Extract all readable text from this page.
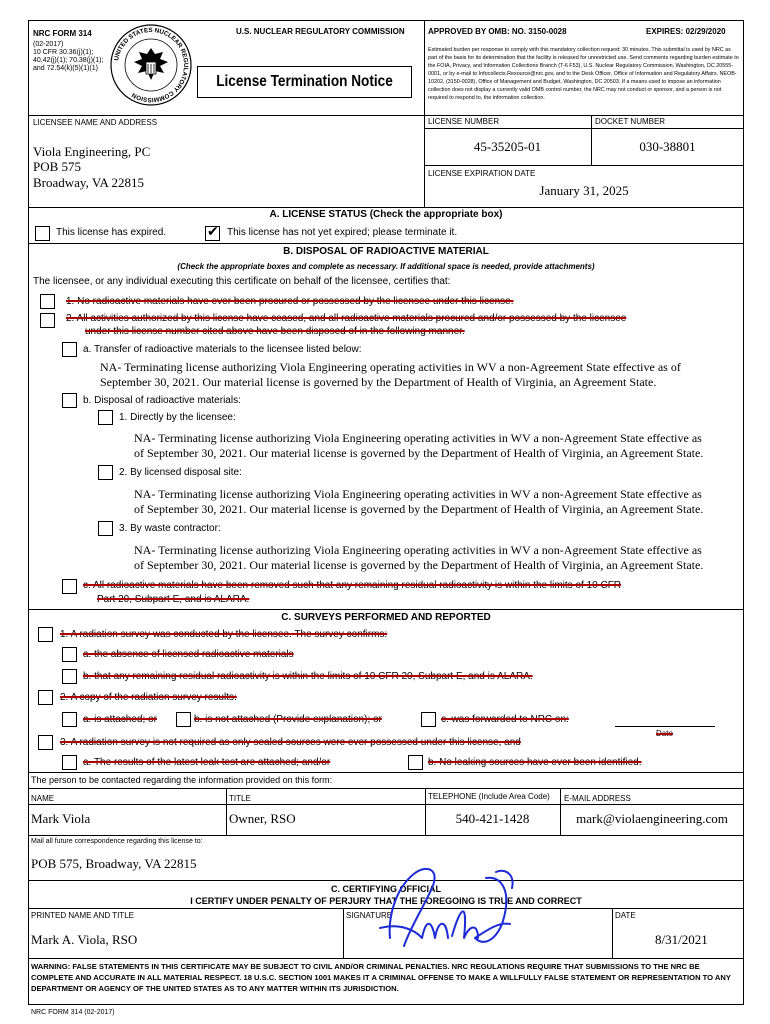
NRC FORM 314
(02-2017)
10 CFR 30.36(j)(1);
40.42(j)(1); 70.38(j)(1);
and 72.54(k)(5)(1)(1)
UNITED STATES NUCLEAR REGULATORY COMMISSION
U.S. NUCLEAR REGULATORY COMMISSION	APPROVED BY OMB: NO. 3150-0028	EXPIRES: 02/29/2020
License Termination Notice
Estimated burden per response to comply with this mandatory collection request: 30 minutes. This submittal is used by NRC as part of the basis for its determination that the facility is released for unrestricted use. Send comments regarding burden estimate to the FOIA, Privacy, and Information Collections Branch (T-6 F53), U.S. Nuclear Regulatory Commission, Washington, DC 20555-0001, or by e-mail to Infocollects.Resource@nrc.gov, and to the Desk Officer, Office of Information and Regulatory Affairs, NEOB-10202, (3150-0028), Office of Management and Budget, Washington, DC 20503. If a means used to impose an information collection does not display a currently valid OMB control number, the NRC may not conduct or sponsor, and a person is not required to respond to, the information collection.
LICENSEE NAME AND ADDRESS
Viola Engineering, PC
POB 575
Broadway, VA 22815
LICENSE NUMBER	DOCKET NUMBER
45-35205-01	030-38801
LICENSE EXPIRATION DATE
January 31, 2025
A. LICENSE STATUS (Check the appropriate box)
This license has expired.
✔	This license has not yet expired; please terminate it.
B. DISPOSAL OF RADIOACTIVE MATERIAL
(Check the appropriate boxes and complete as necessary. If additional space is needed, provide attachments)
The licensee, or any individual executing this certificate on behalf of the licensee, certifies that:
1. No radioactive materials have ever been procured or possessed by the licensee under this license.
2. All activities authorized by this license have ceased, and all radioactive materials procured and/or possessed by the licensee
under this license number cited above have been disposed of in the following manner.
a. Transfer of radioactive materials to the licensee listed below:
NA- Terminating license authorizing Viola Engineering operating activities in WV a non-Agreement State effective as of
September 30, 2021. Our material license is governed by the Department of Health of Virginia, an Agreement State.
b. Disposal of radioactive materials:
1. Directly by the licensee:
NA- Terminating license authorizing Viola Engineering operating activities in WV a non-Agreement State effective as
of September 30, 2021. Our material license is governed by the Department of Health of Virginia, an Agreement State.
2. By licensed disposal site:
NA- Terminating license authorizing Viola Engineering operating activities in WV a non-Agreement State effective as
of September 30, 2021. Our material license is governed by the Department of Health of Virginia, an Agreement State.
3. By waste contractor:
NA- Terminating license authorizing Viola Engineering operating activities in WV a non-Agreement State effective as
of September 30, 2021. Our material license is governed by the Department of Health of Virginia, an Agreement State.
c. All radioactive materials have been removed such that any remaining residual radioactivity is within the limits of 10 CFR
Part 20, Subpart E, and is ALARA.
C. SURVEYS PERFORMED AND REPORTED
1. A radiation survey was conducted by the licensee. The survey confirms:
a. the absence of licensed radioactive materials
b. that any remaining residual radioactivity is within the limits of 10 CFR 20, Subpart E, and is ALARA.
2. A copy of the radiation survey results:
a. is attached; or	b. is not attached (Provide explanation); or	c. was forwarded to NRC on:
Date
3. A radiation survey is not required as only sealed sources were ever possessed under this license, and
a. The results of the latest leak test are attached; and/or	b. No leaking sources have ever been identified.
The person to be contacted regarding the information provided on this form:
NAME	TITLE	TELEPHONE (Include Area Code) E-MAIL ADDRESS
Mark Viola	Owner, RSO	540-421-1428	mark@violaengineering.com
Mail all future correspondence regarding this license to:
POB 575, Broadway, VA 22815
C. CERTIFYING OFFICIAL
I CERTIFY UNDER PENALTY OF PERJURY THAT THE FOREGOING IS TRUE AND CORRECT
PRINTED NAME AND TITLE	SIGNATURE	DATE
Mark A. Viola, RSO	8/31/2021
WARNING: FALSE STATEMENTS IN THIS CERTIFICATE MAY BE SUBJECT TO CIVIL AND/OR CRIMINAL PENALTIES. NRC REGULATIONS REQUIRE THAT SUBMISSIONS TO THE NRC BE COMPLETE AND ACCURATE IN ALL MATERIAL RESPECT. 18 U.S.C. SECTION 1001 MAKES IT A CRIMINAL OFFENSE TO MAKE A WILLFULLY FALSE STATEMENT OR REPRESENTATION TO ANY DEPARTMENT OR AGENCY OF THE UNITED STATES AS TO ANY MATTER WITHIN ITS JURISDICTION.
NRC FORM 314 (02-2017)
